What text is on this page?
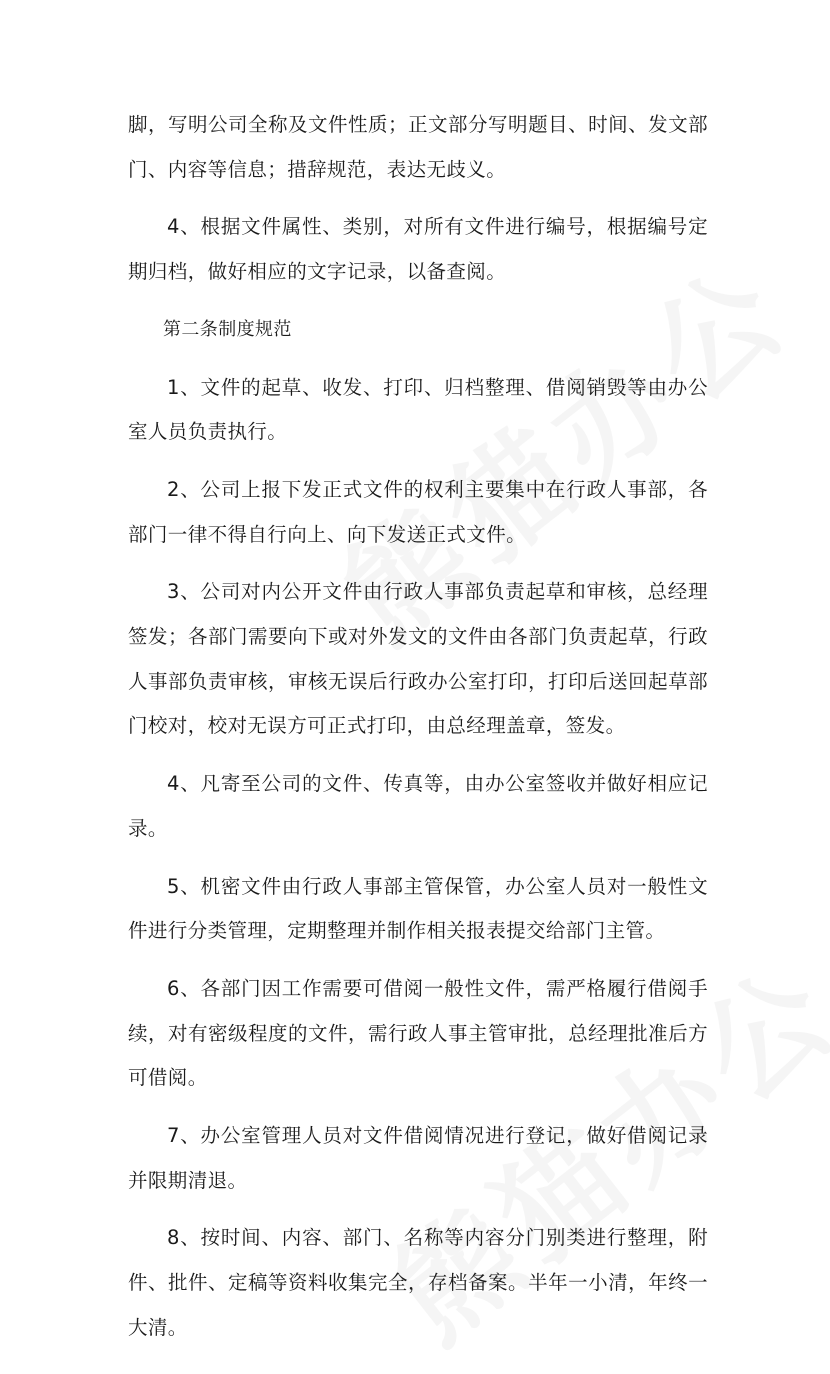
脚，写明公司全称及文件性质；正文部分写明题目、时间、发文部门、内容等信息；措辞规范，表达无歧义。

4、根据文件属性、类别，对所有文件进行编号，根据编号定期归档，做好相应的文字记录，以备查阅。

第二条制度规范

1、文件的起草、收发、打印、归档整理、借阅销毁等由办公室人员负责执行。

2、公司上报下发正式文件的权利主要集中在行政人事部，各部门一律不得自行向上、向下发送正式文件。

3、公司对内公开文件由行政人事部负责起草和审核，总经理签发；各部门需要向下或对外发文的文件由各部门负责起草，行政人事部负责审核，审核无误后行政办公室打印，打印后送回起草部门校对，校对无误方可正式打印，由总经理盖章，签发。

4、凡寄至公司的文件、传真等，由办公室签收并做好相应记录。

5、机密文件由行政人事部主管保管，办公室人员对一般性文件进行分类管理，定期整理并制作相关报表提交给部门主管。

6、各部门因工作需要可借阅一般性文件，需严格履行借阅手续，对有密级程度的文件，需行政人事主管审批，总经理批准后方可借阅。

7、办公室管理人员对文件借阅情况进行登记，做好借阅记录并限期清退。

8、按时间、内容、部门、名称等内容分门别类进行整理，附件、批件、定稿等资料收集完全，存档备案。半年一小清，年终一大清。
